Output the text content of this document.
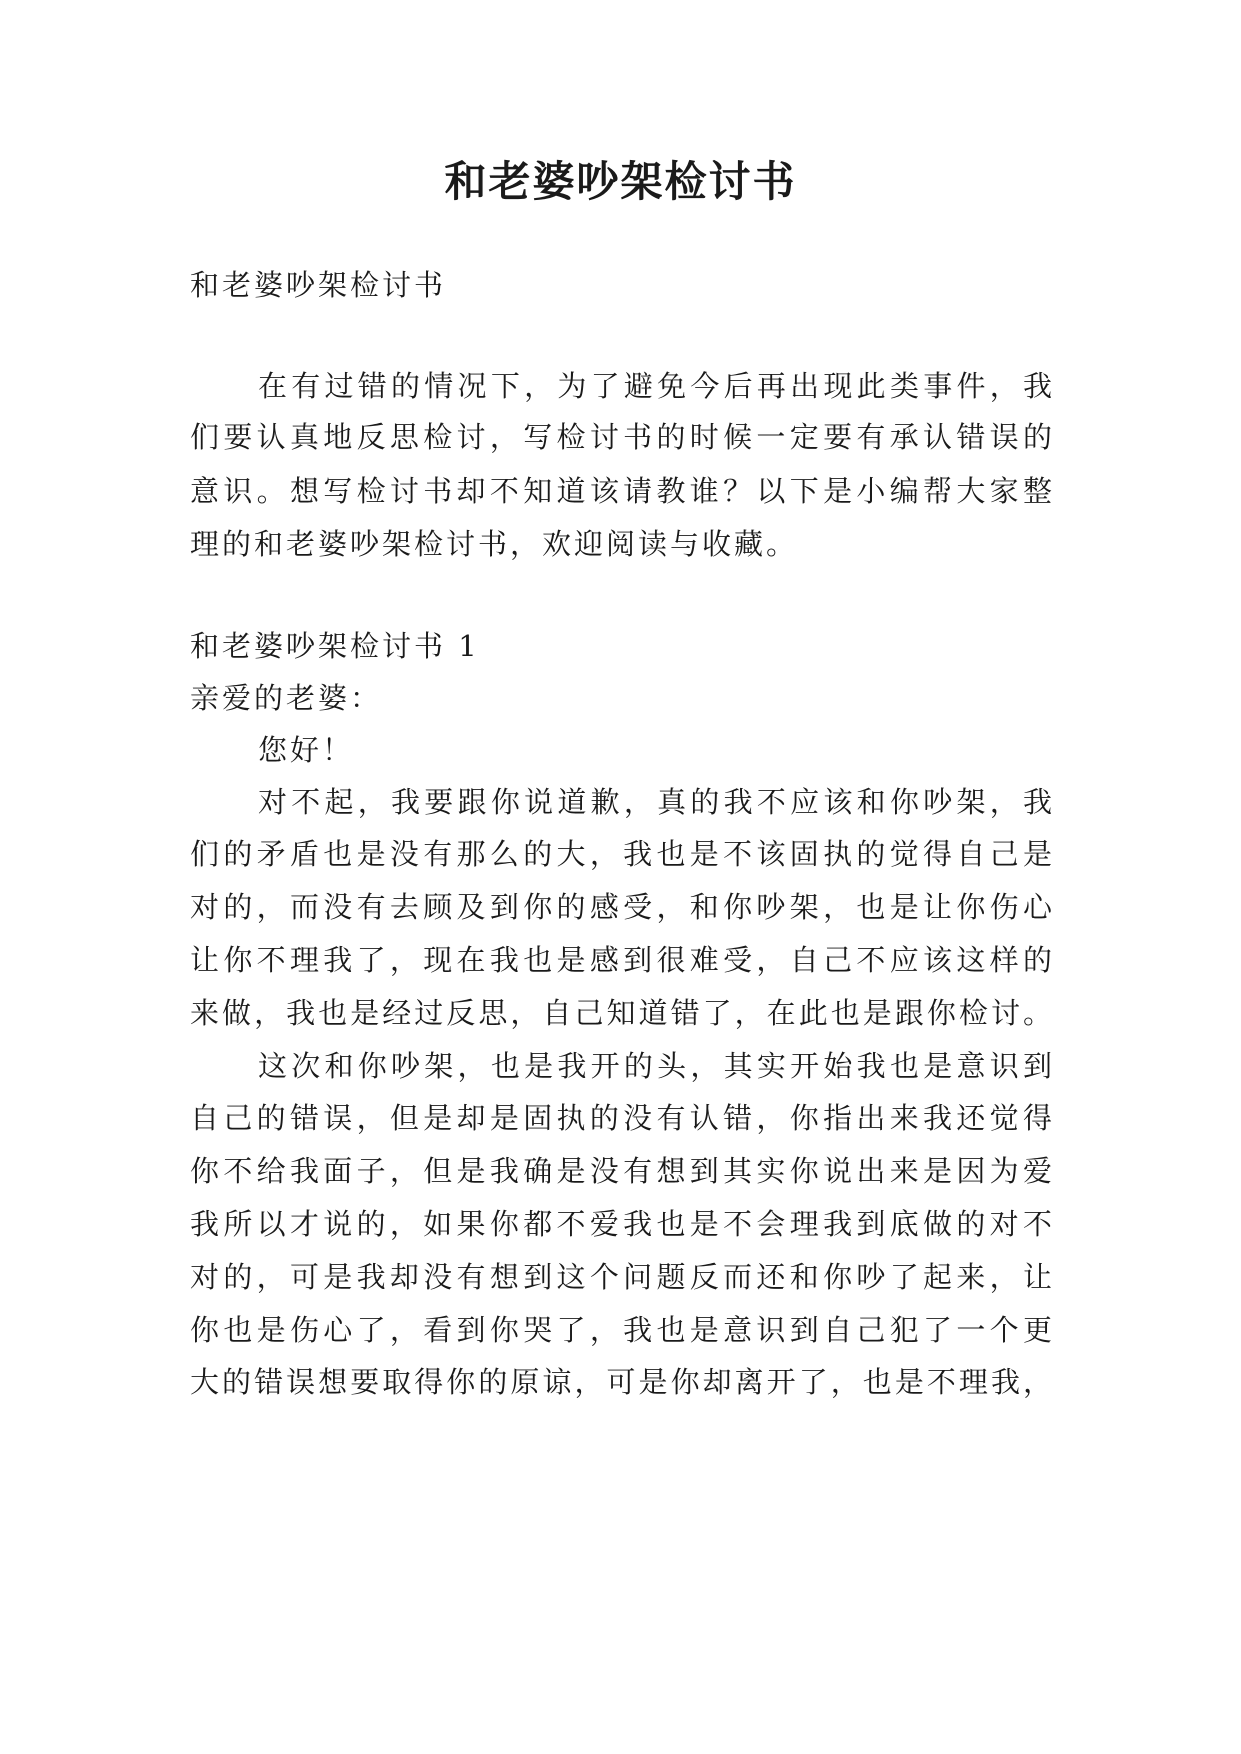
和老婆吵架检讨书
和老婆吵架检讨书
在有过错的情况下，为了避免今后再出现此类事件，我
们要认真地反思检讨，写检讨书的时候一定要有承认错误的
意识。想写检讨书却不知道该请教谁？以下是小编帮大家整
理的和老婆吵架检讨书，欢迎阅读与收藏。
和老婆吵架检讨书 1
亲爱的老婆：
您好！
对不起，我要跟你说道歉，真的我不应该和你吵架，我
们的矛盾也是没有那么的大，我也是不该固执的觉得自己是
对的，而没有去顾及到你的感受，和你吵架，也是让你伤心
让你不理我了，现在我也是感到很难受，自己不应该这样的
来做，我也是经过反思，自己知道错了，在此也是跟你检讨。
这次和你吵架，也是我开的头，其实开始我也是意识到
自己的错误，但是却是固执的没有认错，你指出来我还觉得
你不给我面子，但是我确是没有想到其实你说出来是因为爱
我所以才说的，如果你都不爱我也是不会理我到底做的对不
对的，可是我却没有想到这个问题反而还和你吵了起来，让
你也是伤心了，看到你哭了，我也是意识到自己犯了一个更
大的错误想要取得你的原谅，可是你却离开了，也是不理我，
